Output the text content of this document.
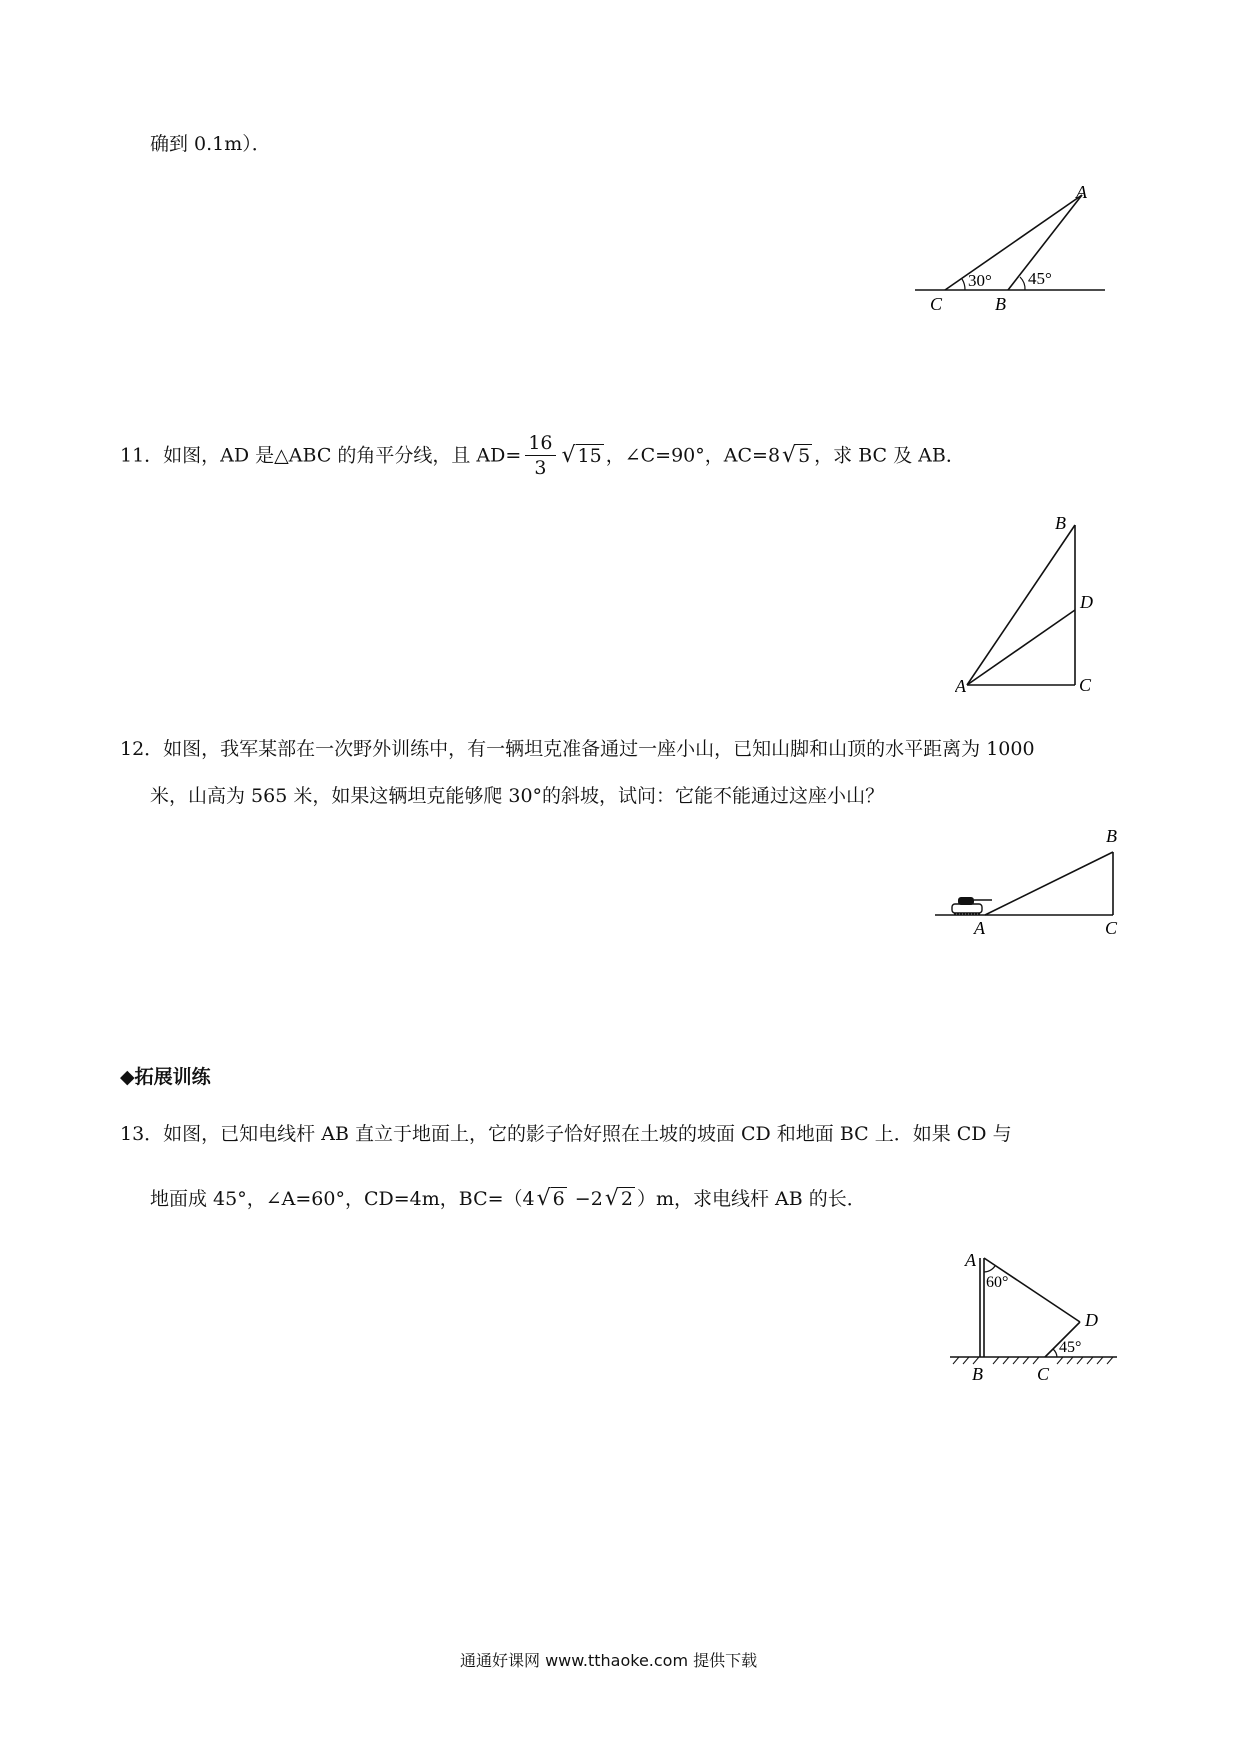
确到 0.1m）．
A
C	B
30° 45°
11．如图，AD 是△ABC 的角平分线，且 $AD= \frac{16}{3}$ √ 15 ，∠C=90°，AC=8√ 5 ，求 BC 及 AB．
B
D
A	C
12．如图，我军某部在一次野外训练中，有一辆坦克准备通过一座小山，已知山脚和山顶的水平距离为 1000
米，山高为 565 米，如果这辆坦克能够爬 30°的斜坡，试问：它能不能通过这座小山？
B
A	C
◆拓展训练
13．如图，已知电线杆 AB 直立于地面上，它的影子恰好照在土坡的坡面 CD 和地面 BC 上．如果 CD 与
地面成 45°，∠A=60°，CD=4m，BC=（4√ 6 −2√ 2 ）m，求电线杆 AB 的长．
A
60°
D
45°
B	C
通通好课网 www.tthaoke.com 提供下载
